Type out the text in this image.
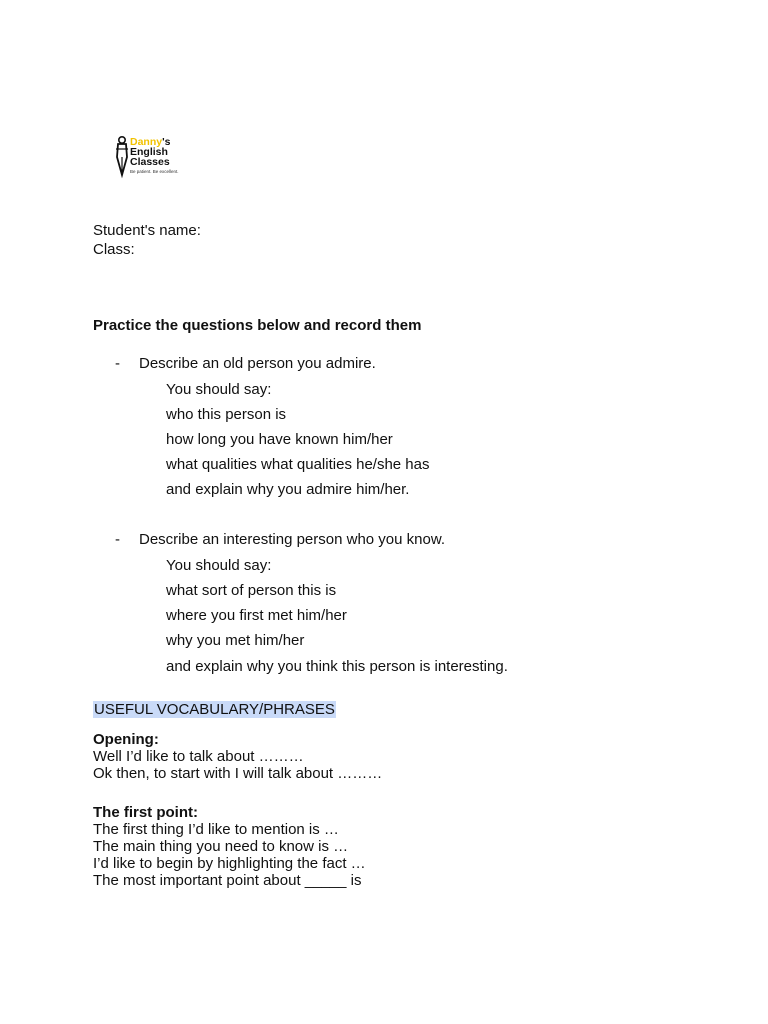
Danny's
English
Classes
Be patient. Be excellent.
Student's name:
Class:
Practice the questions below and record them
- Describe an old person you admire.
You should say:
who this person is
how long you have known him/her
what qualities what qualities he/she has
and explain why you admire him/her.
- Describe an interesting person who you know.
You should say:
what sort of person this is
where you first met him/her
why you met him/her
and explain why you think this person is interesting.
USEFUL VOCABULARY/PHRASES
Opening:
Well I’d like to talk about ………
Ok then, to start with I will talk about ………
The first point:
The first thing I’d like to mention is …
The main thing you need to know is …
I’d like to begin by highlighting the fact …
The most important point about _____ is
